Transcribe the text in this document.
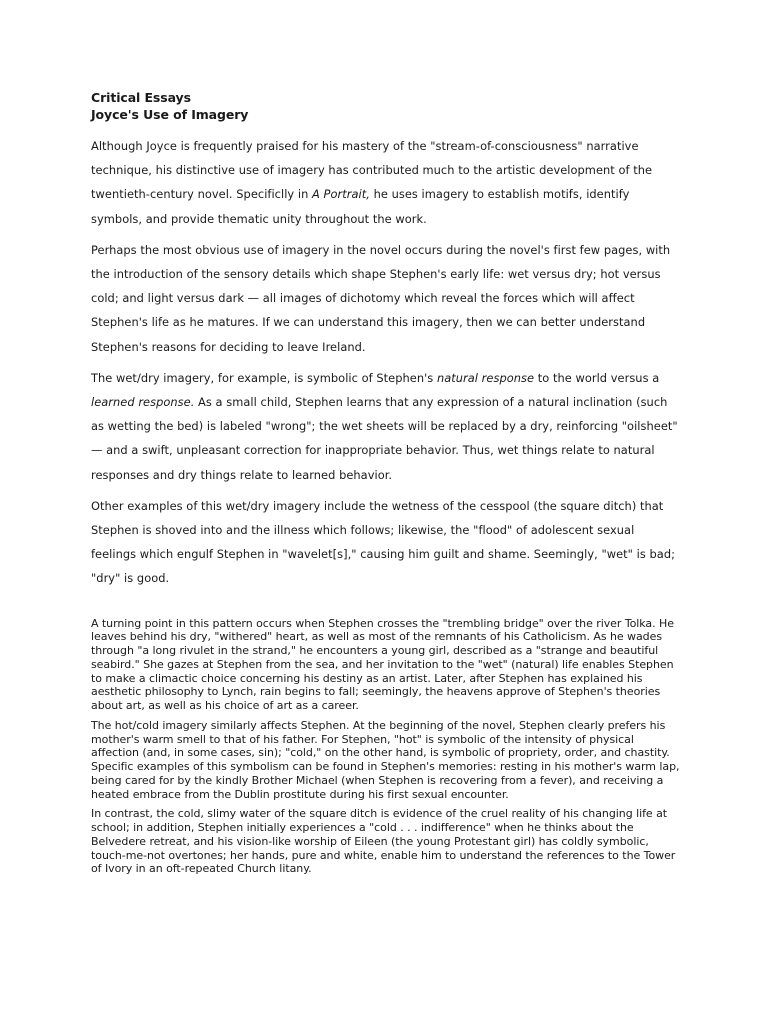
Critical Essays
Joyce's Use of Imagery

Although Joyce is frequently praised for his mastery of the "stream-of-consciousness" narrative technique, his distinctive use of imagery has contributed much to the artistic development of the twentieth-century novel. Specificlly in A Portrait, he uses imagery to establish motifs, identify symbols, and provide thematic unity throughout the work.

Perhaps the most obvious use of imagery in the novel occurs during the novel's first few pages, with the introduction of the sensory details which shape Stephen's early life: wet versus dry; hot versus cold; and light versus dark — all images of dichotomy which reveal the forces which will affect Stephen's life as he matures. If we can understand this imagery, then we can better understand Stephen's reasons for deciding to leave Ireland.

The wet/dry imagery, for example, is symbolic of Stephen's natural response to the world versus a learned response. As a small child, Stephen learns that any expression of a natural inclination (such as wetting the bed) is labeled "wrong"; the wet sheets will be replaced by a dry, reinforcing "oilsheet" — and a swift, unpleasant correction for inappropriate behavior. Thus, wet things relate to natural responses and dry things relate to learned behavior.

Other examples of this wet/dry imagery include the wetness of the cesspool (the square ditch) that Stephen is shoved into and the illness which follows; likewise, the "flood" of adolescent sexual feelings which engulf Stephen in "wavelet[s]," causing him guilt and shame. Seemingly, "wet" is bad; "dry" is good.

A turning point in this pattern occurs when Stephen crosses the "trembling bridge" over the river Tolka. He leaves behind his dry, "withered" heart, as well as most of the remnants of his Catholicism. As he wades through "a long rivulet in the strand," he encounters a young girl, described as a "strange and beautiful seabird." She gazes at Stephen from the sea, and her invitation to the "wet" (natural) life enables Stephen to make a climactic choice concerning his destiny as an artist. Later, after Stephen has explained his aesthetic philosophy to Lynch, rain begins to fall; seemingly, the heavens approve of Stephen's theories about art, as well as his choice of art as a career.

The hot/cold imagery similarly affects Stephen. At the beginning of the novel, Stephen clearly prefers his mother's warm smell to that of his father. For Stephen, "hot" is symbolic of the intensity of physical affection (and, in some cases, sin); "cold," on the other hand, is symbolic of propriety, order, and chastity. Specific examples of this symbolism can be found in Stephen's memories: resting in his mother's warm lap, being cared for by the kindly Brother Michael (when Stephen is recovering from a fever), and receiving a heated embrace from the Dublin prostitute during his first sexual encounter.

In contrast, the cold, slimy water of the square ditch is evidence of the cruel reality of his changing life at school; in addition, Stephen initially experiences a "cold . . . indifference" when he thinks about the Belvedere retreat, and his vision-like worship of Eileen (the young Protestant girl) has coldly symbolic, touch-me-not overtones; her hands, pure and white, enable him to understand the references to the Tower of Ivory in an oft-repeated Church litany.
